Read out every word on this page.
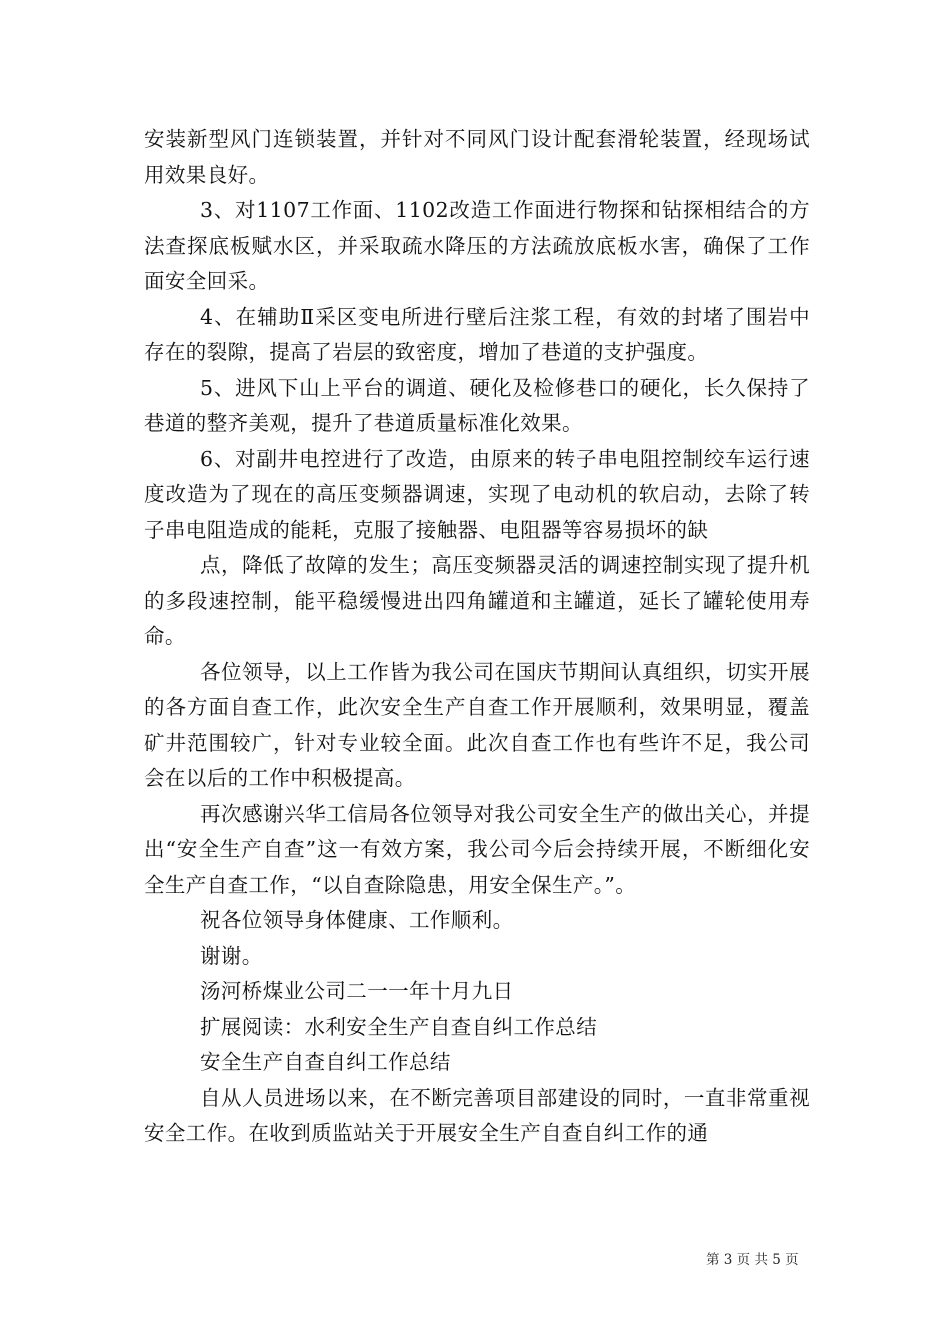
安装新型风门连锁装置，并针对不同风门设计配套滑轮装置，经现场试用效果良好。

3、对1107工作面、1102改造工作面进行物探和钻探相结合的方法查探底板赋水区，并采取疏水降压的方法疏放底板水害，确保了工作面安全回采。

4、在辅助Ⅱ采区变电所进行壁后注浆工程，有效的封堵了围岩中存在的裂隙，提高了岩层的致密度，增加了巷道的支护强度。

5、进风下山上平台的调道、硬化及检修巷口的硬化，长久保持了巷道的整齐美观，提升了巷道质量标准化效果。

6、对副井电控进行了改造，由原来的转子串电阻控制绞车运行速度改造为了现在的高压变频器调速，实现了电动机的软启动，去除了转子串电阻造成的能耗，克服了接触器、电阻器等容易损坏的缺

点，降低了故障的发生；高压变频器灵活的调速控制实现了提升机的多段速控制，能平稳缓慢进出四角罐道和主罐道，延长了罐轮使用寿命。

各位领导，以上工作皆为我公司在国庆节期间认真组织，切实开展的各方面自查工作，此次安全生产自查工作开展顺利，效果明显，覆盖矿井范围较广，针对专业较全面。此次自查工作也有些许不足，我公司会在以后的工作中积极提高。

再次感谢兴华工信局各位领导对我公司安全生产的做出关心，并提出“安全生产自查”这一有效方案，我公司今后会持续开展，不断细化安全生产自查工作，“以自查除隐患，用安全保生产。”。

祝各位领导身体健康、工作顺利。

谢谢。

汤河桥煤业公司二一一年十月九日

扩展阅读：水利安全生产自查自纠工作总结

安全生产自查自纠工作总结

自从人员进场以来，在不断完善项目部建设的同时，一直非常重视安全工作。在收到质监站关于开展安全生产自查自纠工作的通

第 3 页 共 5 页
